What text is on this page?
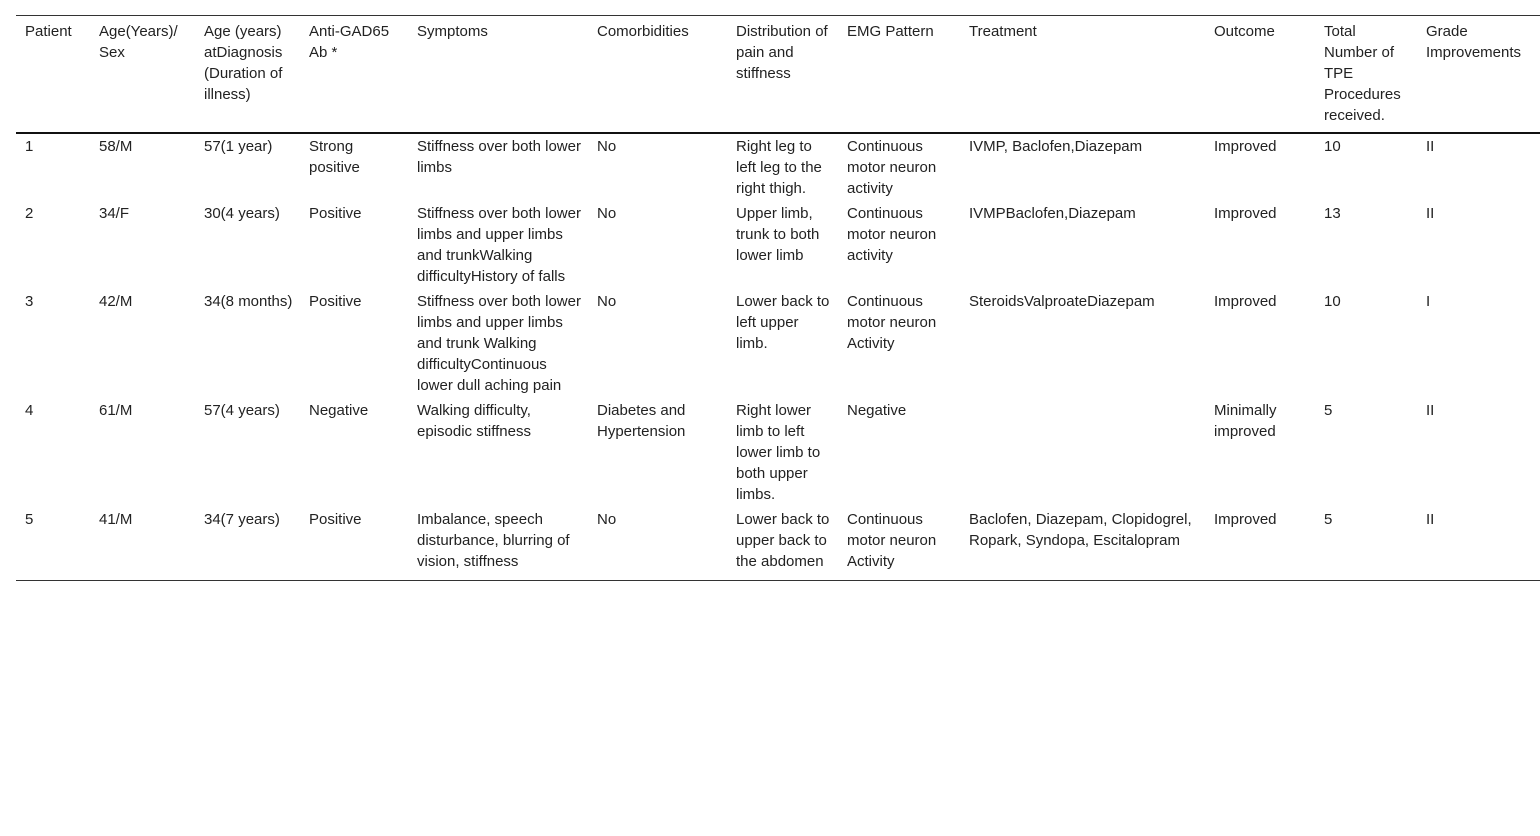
Patient	Age(Years)/ Sex	Age (years) atDiagnosis (Duration of illness)	Anti-GAD65 Ab *	Symptoms	Comorbidities	Distribution of pain and stiffness	EMG Pattern	Treatment	Outcome	Total Number of TPE Procedures received.	Grade Improvements
1	58/M	57(1 year)	Strong positive	Stiffness over both lower limbs	No	Right leg to left leg to the right thigh.	Continuous motor neuron activity	IVMP, Baclofen,Diazepam	Improved	10	II
2	34/F	30(4 years)	Positive	Stiffness over both lower limbs and upper limbs and trunkWalking difficultyHistory of falls	No	Upper limb, trunk to both lower limb	Continuous motor neuron activity	IVMPBaclofen,Diazepam	Improved	13	II
3	42/M	34(8 months)	Positive	Stiffness over both lower limbs and upper limbs and trunk Walking difficultyContinuous lower dull aching pain	No	Lower back to left upper limb.	Continuous motor neuron Activity	SteroidsValproateDiazepam	Improved	10	I
4	61/M	57(4 years)	Negative	Walking difficulty, episodic stiffness	Diabetes and Hypertension	Right lower limb to left lower limb to both upper limbs.	Negative		Minimally improved	5	II
5	41/M	34(7 years)	Positive	Imbalance, speech disturbance, blurring of vision, stiffness	No	Lower back to upper back to the abdomen	Continuous motor neuron Activity	Baclofen, Diazepam, Clopidogrel, Ropark, Syndopa, Escitalopram	Improved	5	II
